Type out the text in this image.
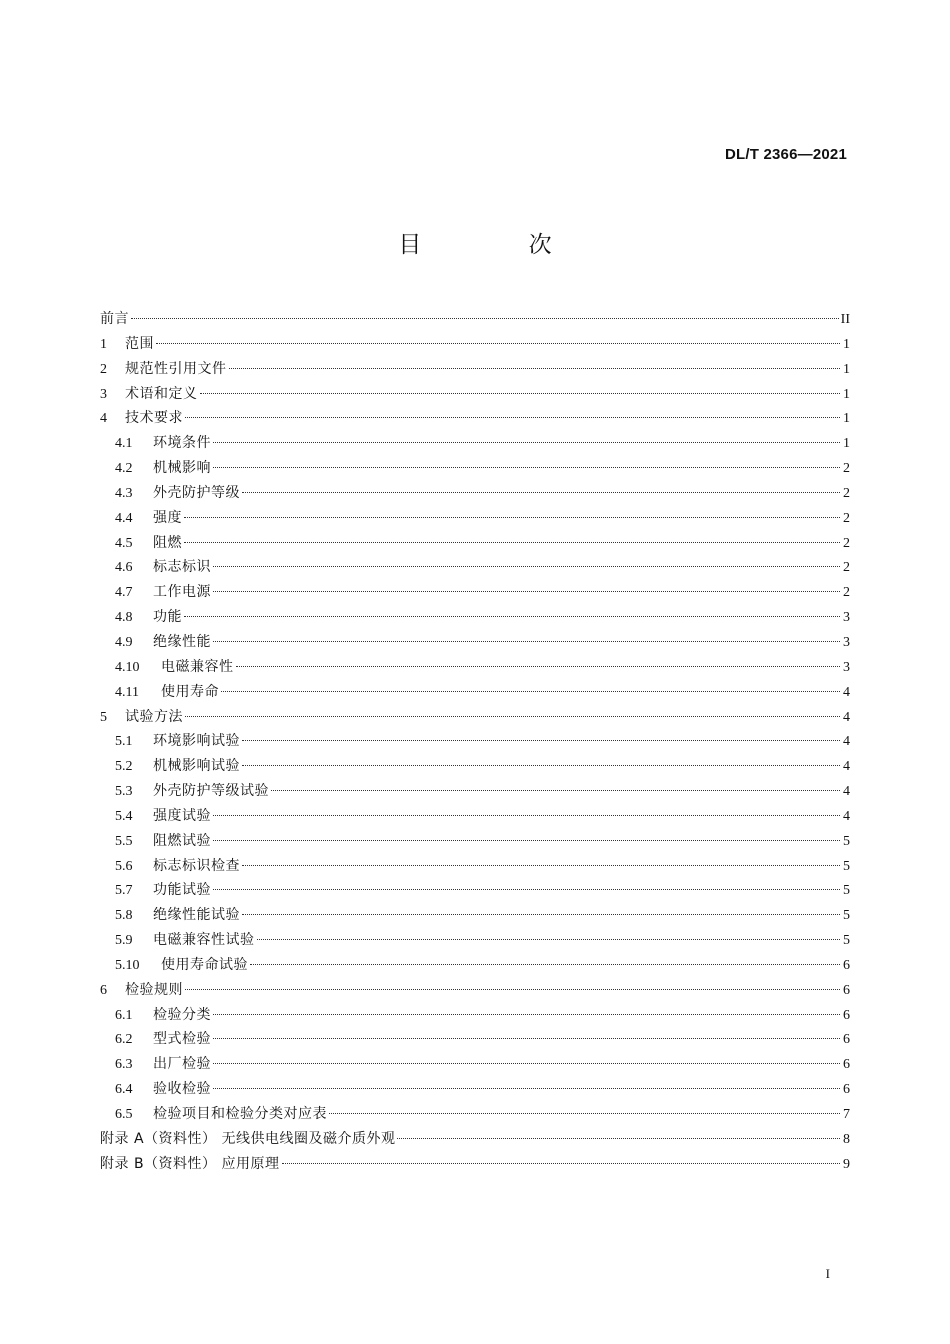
DL/T 2366—2021
目 次
前言	II
1	范围	1
2	规范性引用文件	1
3	术语和定义	1
4	技术要求	1
4.1	环境条件	1
4.2	机械影响	2
4.3	外壳防护等级	2
4.4	强度	2
4.5	阻燃	2
4.6	标志标识	2
4.7	工作电源	2
4.8	功能	3
4.9	绝缘性能	3
4.10	电磁兼容性	3
4.11	使用寿命	4
5	试验方法	4
5.1	环境影响试验	4
5.2	机械影响试验	4
5.3	外壳防护等级试验	4
5.4	强度试验	4
5.5	阻燃试验	5
5.6	标志标识检查	5
5.7	功能试验	5
5.8	绝缘性能试验	5
5.9	电磁兼容性试验	5
5.10	使用寿命试验	6
6	检验规则	6
6.1	检验分类	6
6.2	型式检验	6
6.3	出厂检验	6
6.4	验收检验	6
6.5	检验项目和检验分类对应表	7
附录 A（资料性） 无线供电线圈及磁介质外观	8
附录 B（资料性） 应用原理	9
I
